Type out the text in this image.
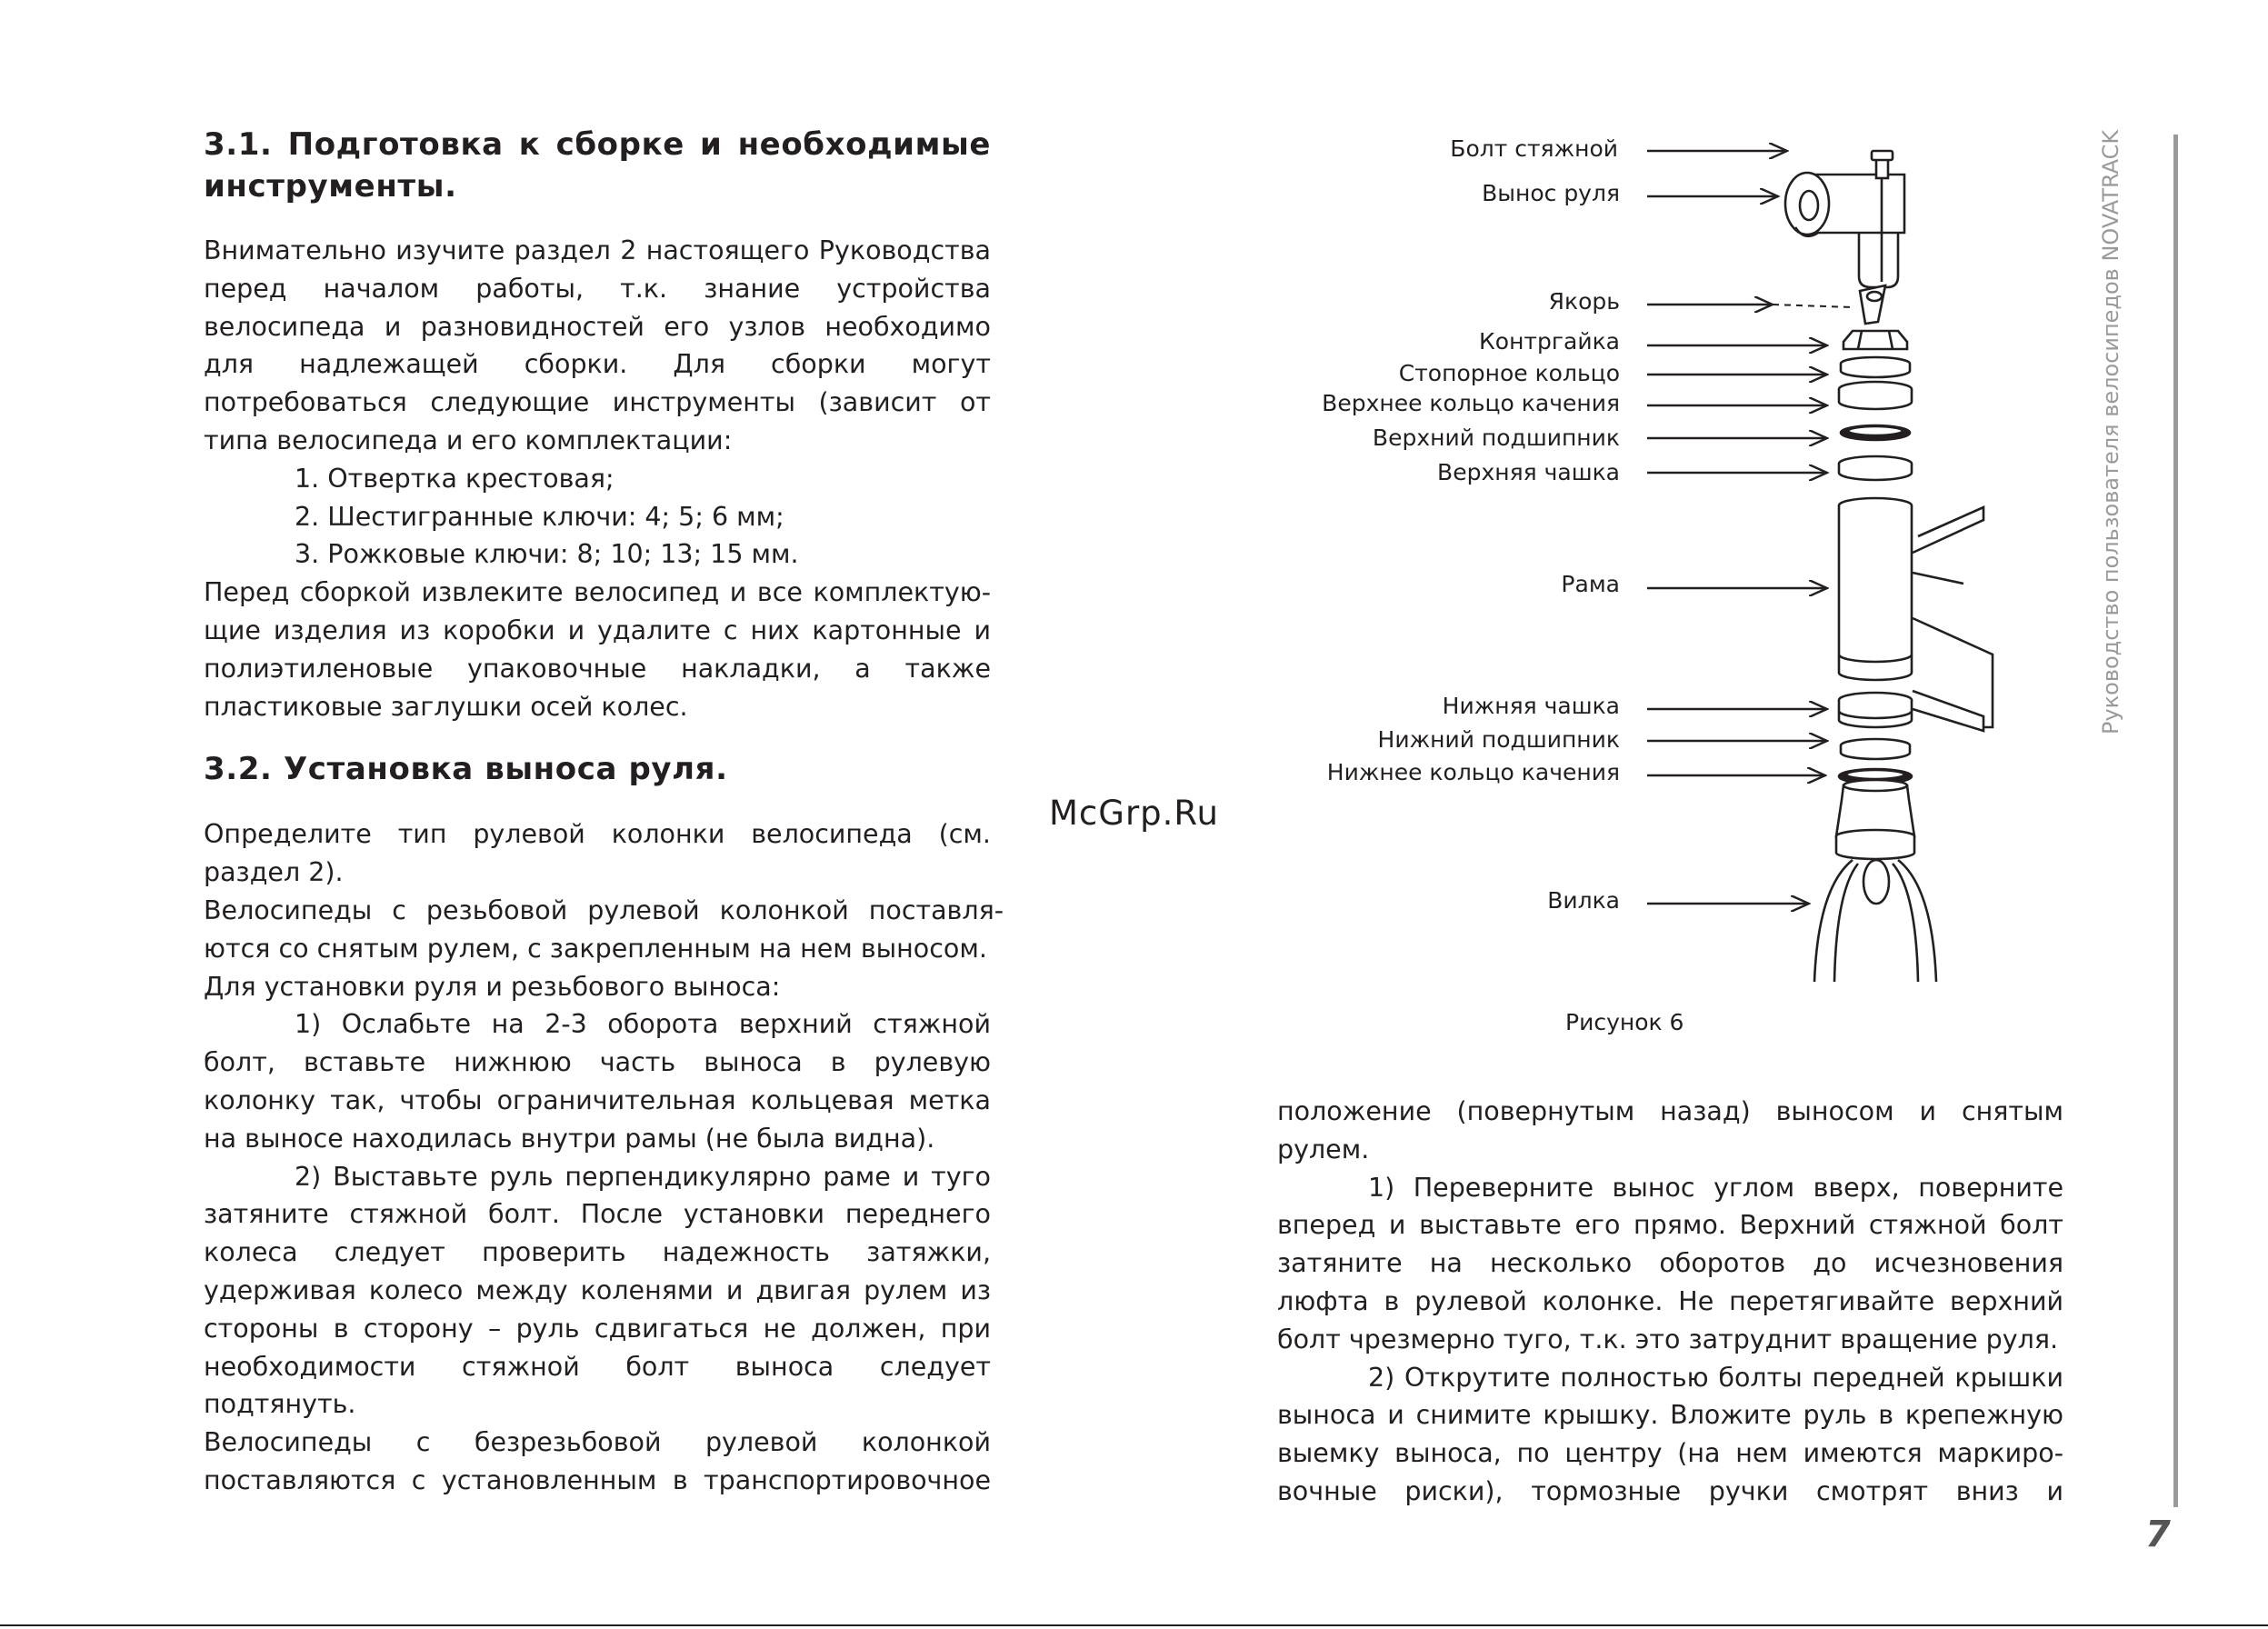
3.1. Подготовка к сборке и необходимые инструменты.

Внимательно изучите раздел 2 настоящего Руководства перед началом работы, т.к. знание устройства велосипеда и разновидностей его узлов необходимо для надлежащей сборки. Для сборки могут потребоваться следующие инструменты (зависит от типа велосипеда и его комплектации:

1. Отвертка крестовая;

2. Шестигранные ключи: 4; 5; 6 мм;

3. Рожковые ключи: 8; 10; 13; 15 мм.

Перед сборкой извлеките велосипед и все комплектую- щие изделия из коробки и удалите с них картонные и полиэтиленовые упаковочные накладки, а также пластиковые заглушки осей колес.

3.2. Установка выноса руля.

Определите тип рулевой колонки велосипеда (см. раздел 2).

Велосипеды с резьбовой рулевой колонкой поставля- ются со снятым рулем, с закрепленным на нем выносом.

Для установки руля и резьбового выноса:

1) Ослабьте на 2-3 оборота верхний стяжной болт, вставьте нижнюю часть выноса в рулевую колонку так, чтобы ограничительная кольцевая метка на выносе находилась внутри рамы (не была видна).

2) Выставьте руль перпендикулярно раме и туго затяните стяжной болт. После установки переднего колеса следует проверить надежность затяжки, удерживая колесо между коленями и двигая рулем из стороны в сторону – руль сдвигаться не должен, при необходимости стяжной болт выноса следует подтянуть.

Велосипеды с безрезьбовой рулевой колонкой поставляются с установленным в транспортировочное

положение (повернутым назад) выносом и снятым рулем.

1) Переверните вынос углом вверх, поверните вперед и выставьте его прямо. Верхний стяжной болт затяните на несколько оборотов до исчезновения люфта в рулевой колонке. Не перетягивайте верхний болт чрезмерно туго, т.к. это затруднит вращение руля.

2) Открутите полностью болты передней крышки выноса и снимите крышку. Вложите руль в крепежную выемку выноса, по центру (на нем имеются маркиро- вочные риски), тормозные ручки смотрят вниз и

Болт стяжной
Вынос руля
Якорь
Контргайка
Стопорное кольцо
Верхнее кольцо качения
Верхний подшипник
Верхняя чашка
Рама
Нижняя чашка
Нижний подшипник
Нижнее кольцо качения
Вилка
Рисунок 6
McGrp.Ru
Руководство пользователя велосипедов NOVATRACK
7
